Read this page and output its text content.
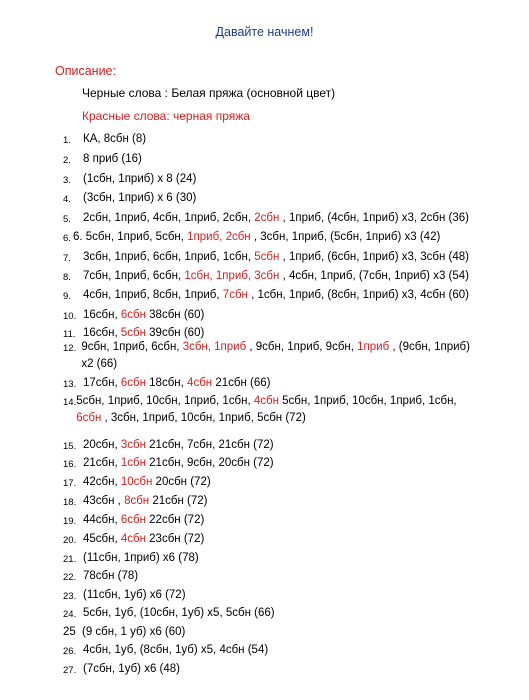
Давайте начнем!
Описание:
Черные слова : Белая пряжа (основной цвет)
Красные слова: черная пряжа
1.	КА, 8сбн (8)
2.	8 приб (16)
3.	(1сбн, 1приб) х 8 (24)
4.	(3сбн, 1приб) х 6 (30)
5.	2сбн, 1приб, 4сбн, 1приб, 2сбн, 2сбн , 1приб, (4сбн, 1приб) х3, 2сбн (36)
6. 6. 5сбн, 1приб, 5сбн, 1приб, 2сбн , 3сбн, 1приб, (5сбн, 1приб) х3 (42)
7.	3сбн, 1приб, 6сбн, 1приб, 1сбн, 5сбн , 1приб, (6сбн, 1приб) х3, 3сбн (48)
8.	7сбн, 1приб, 6сбн, 1сбн, 1приб, 3сбн , 4сбн, 1приб, (7сбн, 1приб) х3 (54)
9.	4сбн, 1приб, 8сбн, 1приб, 7сбн , 1сбн, 1приб, (8сбн, 1приб) х3, 4сбн (60)
10. 16сбн, 6сбн 38сбн (60)
11. 16сбн, 5сбн 39сбн (60)
12. 9сбн, 1приб, 6сбн, 3сбн, 1приб , 9сбн, 1приб, 9сбн, 1приб , (9сбн, 1приб) х2 (66)
13. 17сбн, 6сбн 18сбн, 4сбн 21сбн (66)
14. 5сбн, 1приб, 10сбн, 1приб, 1сбн, 4сбн 5сбн, 1приб, 10сбн, 1приб, 1сбн, 6сбн , 3сбн, 1приб, 10сбн, 1приб, 5сбн (72)
15. 20сбн, 3сбн 21сбн, 7сбн, 21сбн (72)
16. 21сбн, 1сбн 21сбн, 9сбн, 20сбн (72)
17. 42сбн, 10сбн 20сбн (72)
18. 43сбн , 8сбн 21сбн (72)
19. 44сбн, 6сбн 22сбн (72)
20. 45сбн, 4сбн 23сбн (72)
21. (11сбн, 1приб) х6 (78)
22. 78сбн (78)
23. (11сбн, 1уб) х6 (72)
24. 5сбн, 1уб, (10сбн, 1уб) х5, 5сбн (66)
25 (9 сбн, 1 уб) х6 (60)
26. 4сбн, 1уб, (8сбн, 1уб) х5, 4сбн (54)
27. (7сбн, 1уб) х6 (48)
